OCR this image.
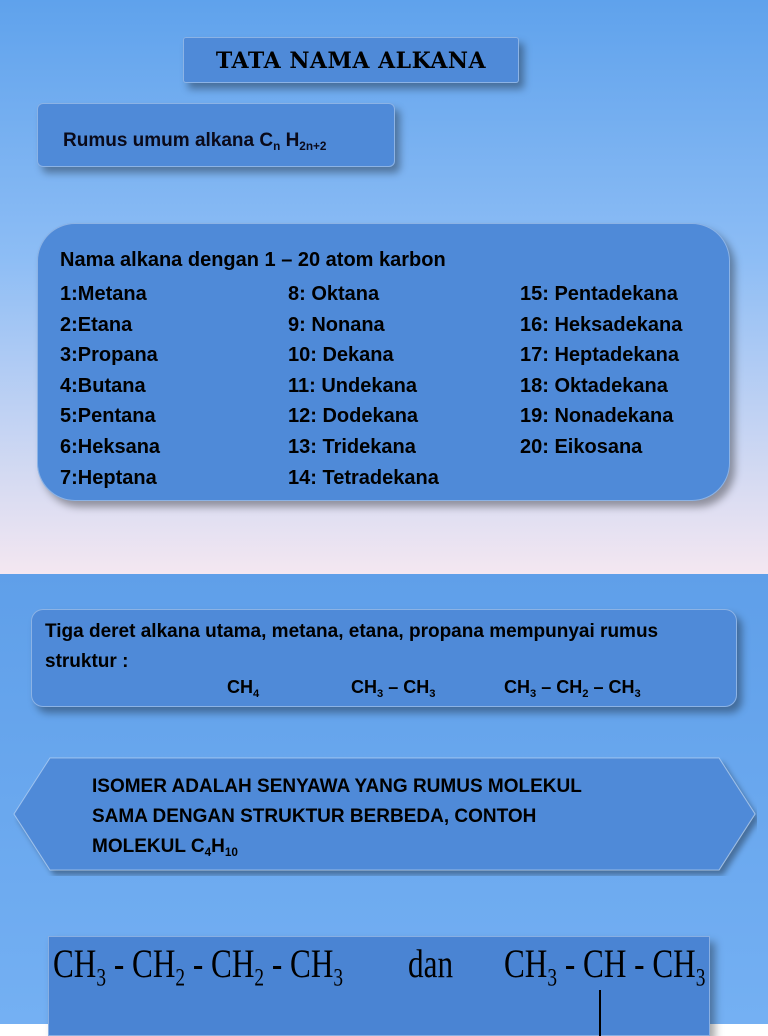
TATA NAMA ALKANA
Rumus umum alkana $C_n$ $H_{2n+2}$
Nama alkana dengan 1 – 20 atom karbon
1:Metana
2:Etana
3:Propana
4:Butana
5:Pentana
6:Heksana
7:Heptana
8: Oktana
9: Nonana
10: Dekana
11: Undekana
12: Dodekana
13: Tridekana
14: Tetradekana
15: Pentadekana
16: Heksadekana
17: Heptadekana
18: Oktadekana
19: Nonadekana
20: Eikosana
Tiga deret alkana utama, metana, etana, propana mempunyai rumus struktur :
$CH_4$	$CH_3 - CH_3$	$CH_3 - CH_2 - CH_3$
ISOMER ADALAH SENYAWA YANG RUMUS MOLEKUL
SAMA DENGAN STRUKTUR BERBEDA, CONTOH
MOLEKUL $C_4H_{10}$
$CH_3 - CH_2 - CH_2 - CH_3$ dan $CH_3$ - CH - $CH_3$
